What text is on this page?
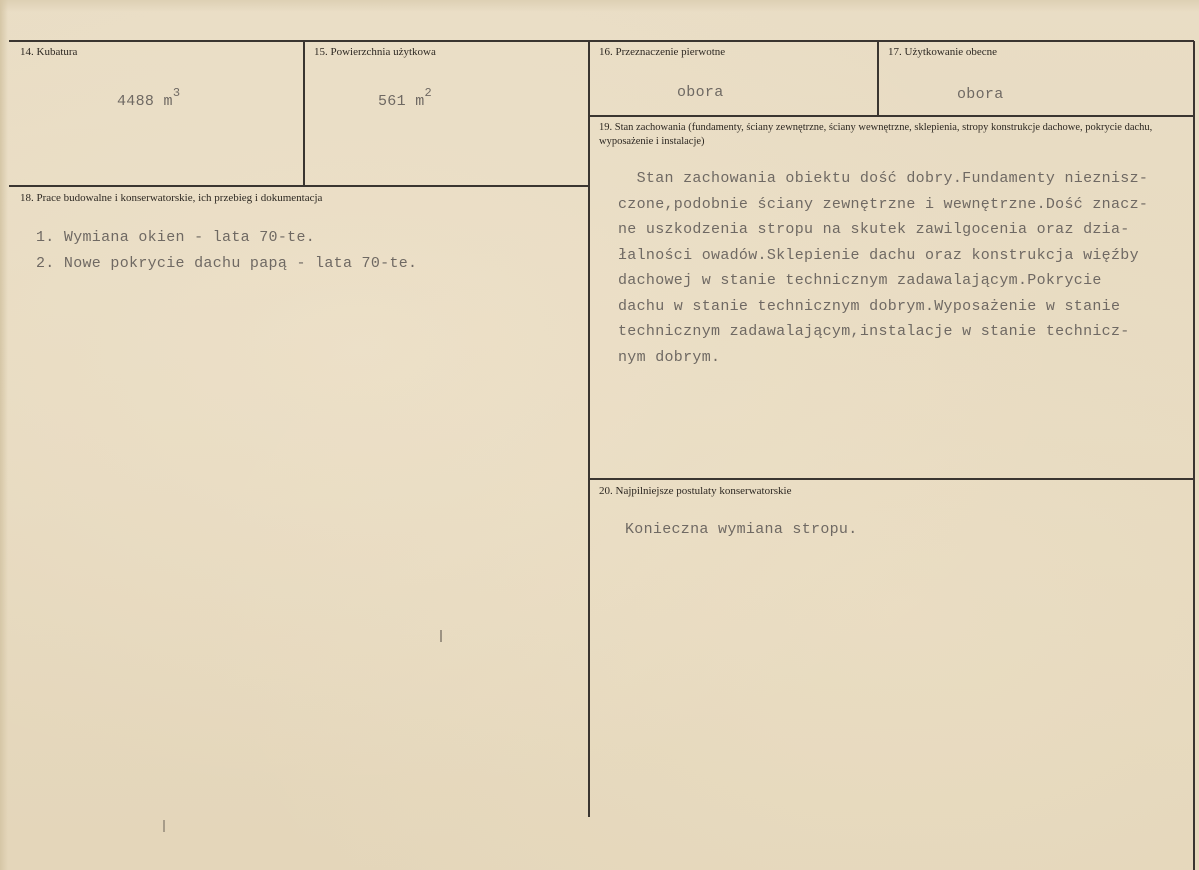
14. Kubatura
4488 $m^3$
15. Powierzchnia użytkowa
561 $m^2$
16. Przeznaczenie pierwotne
obora
17. Użytkowanie obecne
obora
18. Prace budowalne i konserwatorskie, ich przebieg i dokumentacja
1. Wymiana okien - lata 70-te.
2. Nowe pokrycie dachu papą - lata 70-te.
19. Stan zachowania (fundamenty, ściany zewnętrzne, ściany wewnętrzne, sklepienia, stropy konstrukcje dachowe, pokrycie dachu, wyposażenie i instalacje)
Stan zachowania obiektu dość dobry.Fundamenty nieznisz-
czone,podobnie ściany zewnętrzne i wewnętrzne.Dość znacz-
ne uszkodzenia stropu na skutek zawilgocenia oraz dzia-
łalności owadów.Sklepienie dachu oraz konstrukcja więźby
dachowej w stanie technicznym zadawalającym.Pokrycie
dachu w stanie technicznym dobrym.Wyposażenie w stanie
technicznym zadawalającym,instalacje w stanie technicz-
nym dobrym.
20. Najpilniejsze postulaty konserwatorskie
Konieczna wymiana stropu.
